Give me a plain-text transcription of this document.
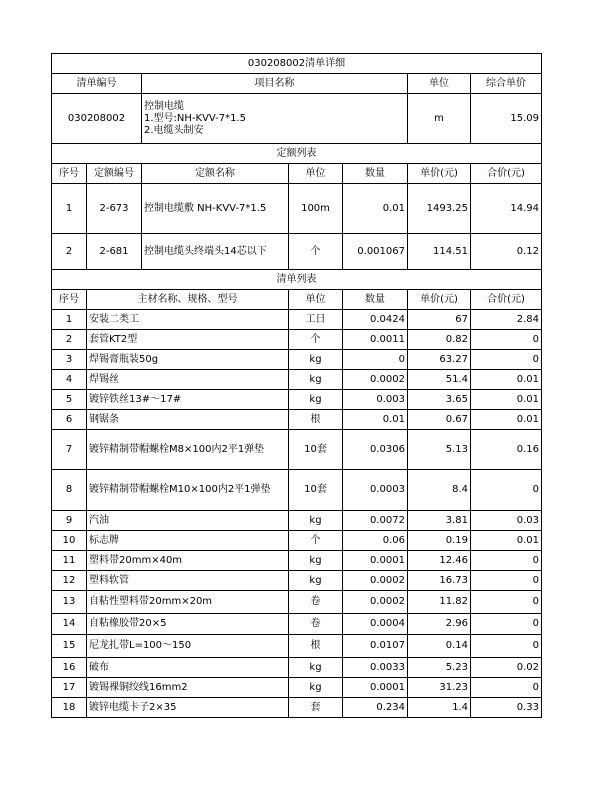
030208002清单详细						
清单编号		项目名称			单位	综合单价
030208002		控制电缆
1.型号:NH-KVV-7*1.5
2.电缆头制安			m	15.09
定额列表						
序号	定额编号	定额名称	单位	数量	单价(元)	合价(元)
1	2-673	控制电缆敷 NH-KVV-7*1.5	100m	0.01	1493.25	14.94
2	2-681	控制电缆头终端头14芯以下	个	0.001067	114.51	0.12
清单列表						
序号	主材名称、规格、型号		单位	数量	单价(元)	合价(元)
1	安装二类工		工日	0.0424	67	2.84
2	套管KT2型		个	0.0011	0.82	0
3	焊锡膏瓶装50g		kg	0	63.27	0
4	焊锡丝		kg	0.0002	51.4	0.01
5	镀锌铁丝13#～17#		kg	0.003	3.65	0.01
6	钢锯条		根	0.01	0.67	0.01
7	镀锌精制带帽螺栓M8×100内2平1弹垫		10套	0.0306	5.13	0.16
8	镀锌精制带帽螺栓M10×100内2平1弹垫		10套	0.0003	8.4	0
9	汽油		kg	0.0072	3.81	0.03
10	标志牌		个	0.06	0.19	0.01
11	塑料带20mm×40m		kg	0.0001	12.46	0
12	塑料软管		kg	0.0002	16.73	0
13	自粘性塑料带20mm×20m		卷	0.0002	11.82	0
14	自粘橡胶带20×5		卷	0.0004	2.96	0
15	尼龙扎带L=100～150		根	0.0107	0.14	0
16	破布		kg	0.0033	5.23	0.02
17	镀锡裸铜绞线16mm2		kg	0.0001	31.23	0
18	镀锌电缆卡子2×35		套	0.234	1.4	0.33
